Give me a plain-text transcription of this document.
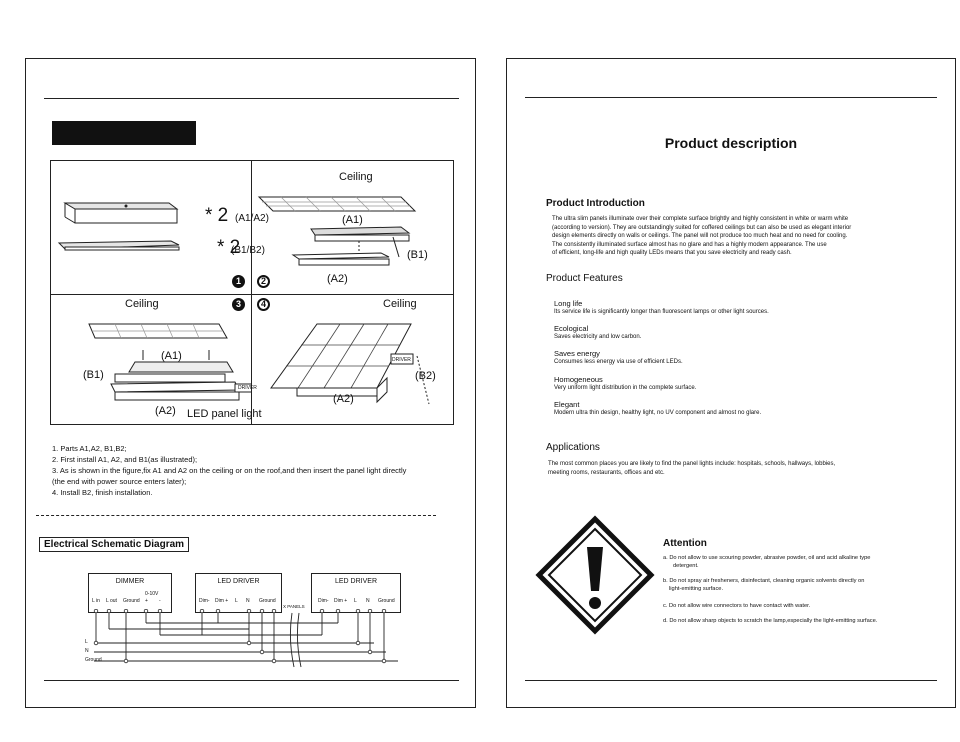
* 2 (A1/A2)
* 2
1
Ceiling
(A1)
(B1)
(A2)
2
Ceiling	3
(A1)
(B1)
DRIVER
(A2) LED panel light
4	Ceiling
DRIVER
(B2)
(A2)
(B1/B2)
1. Parts A1,A2, B1,B2;
2. First install A1, A2, and B1(as illustrated);
3. As is shown in the figure,fix A1 and A2 on the ceiling or on the roof,and then insert the panel light directly
(the end with power source enters later);
4. Install B2, finish installation.
Electrical Schematic Diagram
DIMMER
0-10V
L in L out Ground + -
LED DRIVER
Dim- Dim + L N Ground
LED DRIVER
Dim- Dim + L N Ground
X PANELS
L
N
Ground
Product description
Product Introduction
The ultra slim panels illuminate over their complete surface brightly and highly consistent in white or warm white
(according to version). They are outstandingly suited for coffered ceilings but can also be used as elegant interior
design elements directly on walls or ceilings. The panel will not produce too much heat and no need for cooling.
The consistently illuminated surface almost has no glare and has a highly modern appearance. The use
of efficient, long-life and high quality LEDs means that you save electricity and ready cash.
Product Features
Long life
Its service life is significantly longer than fluorescent lamps or other light sources.
Ecological
Saves electricity and low carbon.
Saves energy
Consumes less energy via use of efficient LEDs.
Homogeneous
Very uniform light distribution in the complete surface.
Elegant
Modern ultra thin design, healthy light, no UV component and almost no glare.
Applications
The most common places you are likely to find the panel lights include: hospitals, schools, hallways, lobbies,
meeting rooms, restaurants, offices and etc.
Attention
a. Do not allow to use scouring powder, abrasive powder, oil and acid alkaline type
detergent.
b. Do not spray air fresheners, disinfectant, cleaning organic solvents directly on
light-emitting surface.
c. Do not allow wire connectors to have contact with water.
d. Do not allow sharp objects to scratch the lamp,especially the light-emitting surface.
